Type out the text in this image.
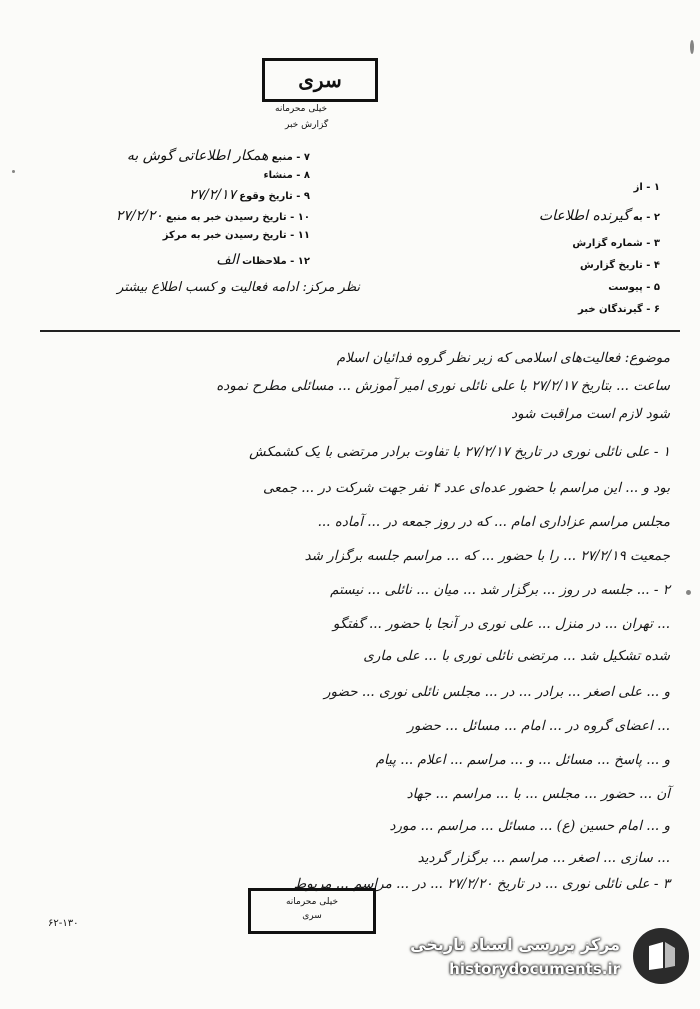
سری
خیلی محرمانه
گزارش خبر
۱ - از
۲ - به گیرنده اطلاعات
۳ - شماره گزارش
۴ - تاریخ گزارش
۵ - پیوست
۶ - گیرندگان خبر
۷ - منبع همکار اطلاعاتی گوش به
۸ - منشاء
۹ - تاریخ وقوع ۲۷/۲/۱۷
۱۰ - تاریخ رسیدن خبر به منبع ۲۷/۲/۲۰
۱۱ - تاریخ رسیدن خبر به مرکز
۱۲ - ملاحظات الف
نظر مرکز: ادامه فعالیت و کسب اطلاع بیشتر
موضوع: فعالیت‌های اسلامی که زیر نظر گروه فدائیان اسلام
ساعت ... بتاریخ ۲۷/۲/۱۷ با علی نائلی نوری امیر آموزش ... مسائلی مطرح نموده
شود لازم است مراقبت شود
۱ - علی نائلی نوری در تاریخ ۲۷/۲/۱۷ با تفاوت برادر مرتضی با یک کشمکش
بود و ... این مراسم با حضور عده‌ای عدد ۴ نفر جهت شرکت در ... جمعی
مجلس مراسم عزاداری امام ... که در روز جمعه در ... آماده ...
جمعیت ۲۷/۲/۱۹ ... را با حضور ... که ... مراسم جلسه برگزار شد
۲ - ... جلسه در روز ... برگزار شد ... میان ... نائلی ... نیستم
... تهران ... در منزل ... علی نوری در آنجا با حضور ... گفتگو
شده تشکیل شد ... مرتضی نائلی نوری با ... علی ماری
و ... علی اصغر ... برادر ... در ... مجلس نائلی نوری ... حضور
... اعضای گروه در ... امام ... مسائل ... حضور
و ... پاسخ ... مسائل ... و ... مراسم ... اعلام ... پیام
آن ... حضور ... مجلس ... با ... مراسم ... جهاد
و ... امام حسین (ع) ... مسائل ... مراسم ... مورد
... سازی ... اصغر ... مراسم ... برگزار گردید
۳ - علی نائلی نوری ... در تاریخ ۲۷/۲/۲۰ ... در ... مراسم ... مربوط
خیلی محرمانه
سری
۶۲-۱۳۰
مرکز بررسی اسناد تاریخی
historydocuments.ir
